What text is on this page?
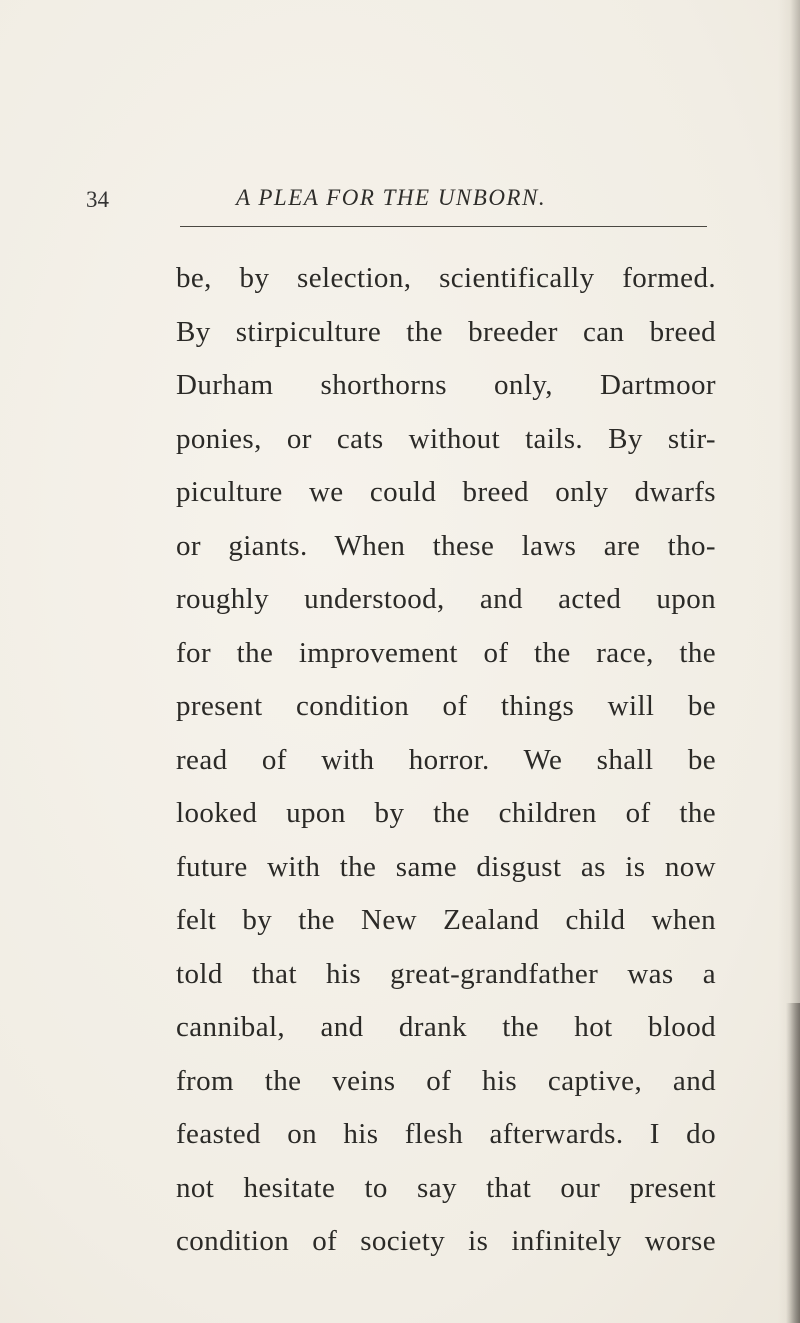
34	A PLEA FOR THE UNBORN.
be, by selection, scientifically formed.
By stirpiculture the breeder can breed
Durham shorthorns only, Dartmoor
ponies, or cats without tails. By stir-
piculture we could breed only dwarfs
or giants. When these laws are tho-
roughly understood, and acted upon
for the improvement of the race, the
present condition of things will be
read of with horror. We shall be
looked upon by the children of the
future with the same disgust as is now
felt by the New Zealand child when
told that his great-grandfather was a
cannibal, and drank the hot blood
from the veins of his captive, and
feasted on his flesh afterwards. I do
not hesitate to say that our present
condition of society is infinitely worse
